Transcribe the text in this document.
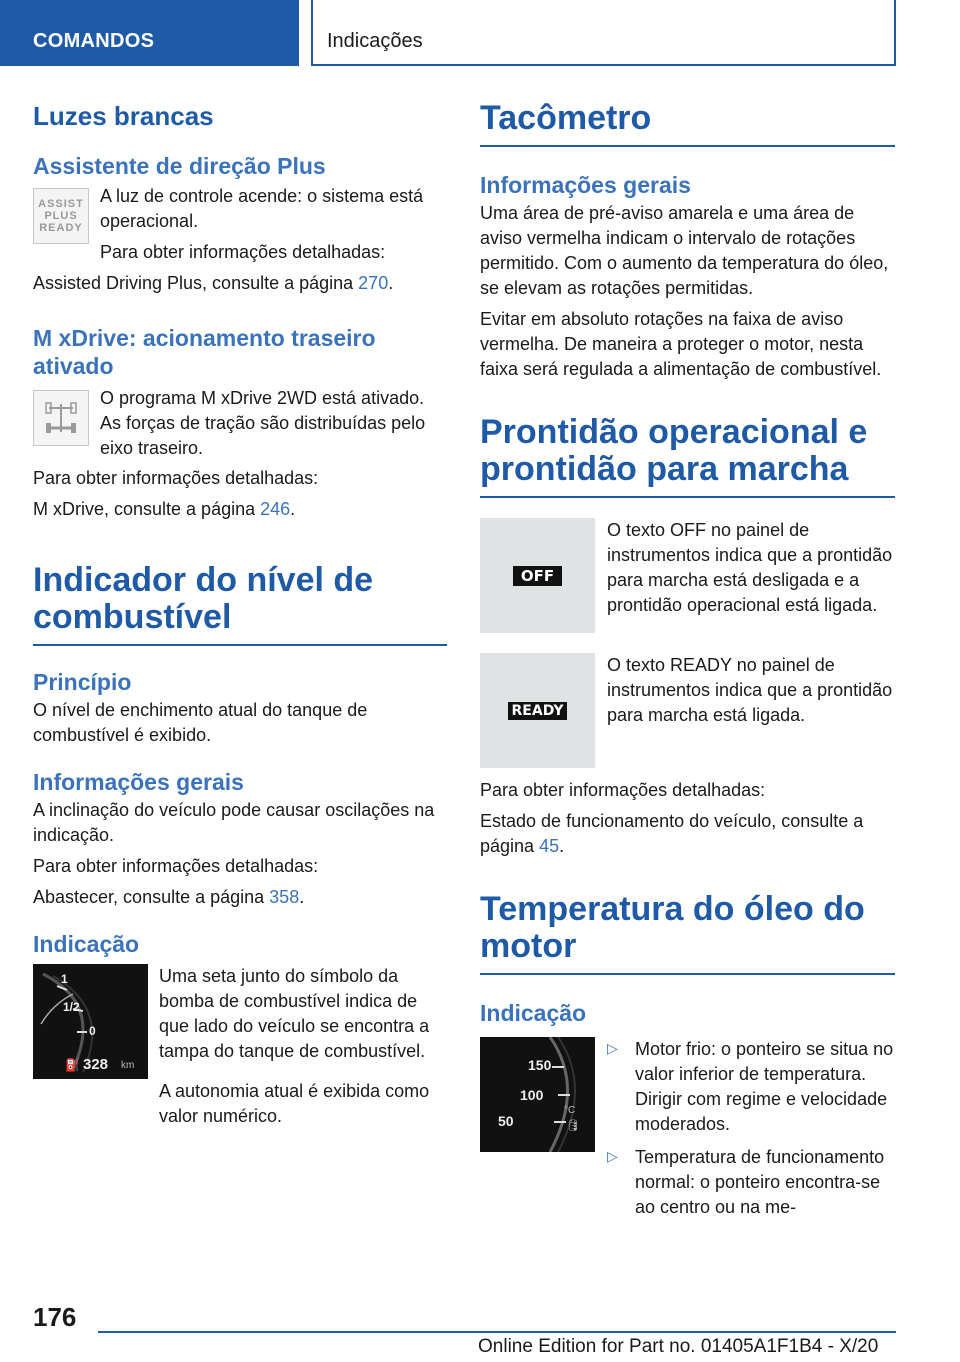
COMANDOS	Indicações
Luzes brancas
Assistente de direção Plus
ASSIST
PLUS
READY

A luz de controle acende: o sistema está operacional.

Para obter informações detalhadas:

Assisted Driving Plus, consulte a página 270.

M xDrive: acionamento traseiro ativado

O programa M xDrive 2WD está ativado. As forças de tração são distribuídas pelo eixo traseiro.

Para obter informações detalhadas:

M xDrive, consulte a página 246.

Indicador do nível de combustível
Princípio

O nível de enchimento atual do tanque de combustível é exibido.

Informações gerais

A inclinação do veículo pode causar oscilações na indicação.

Para obter informações detalhadas:

Abastecer, consulte a página 358.

Indicação
1
1/2
0
328 km
⛽

Uma seta junto do símbolo da bomba de combustível indica de que lado do veículo se encontra a tampa do tanque de combustível.

A autonomia atual é exibida como valor numérico.

Tacômetro
Informações gerais

Uma área de pré-aviso amarela e uma área de aviso vermelha indicam o intervalo de rotações permitido. Com o aumento da temperatura do óleo, se elevam as rotações permitidas.

Evitar em absoluto rotações na faixa de aviso vermelha. De maneira a proteger o motor, nesta faixa será regulada a alimentação de combustível.

Prontidão operacional e prontidão para marcha
OFF

O texto OFF no painel de instrumentos indica que a prontidão para marcha está desligada e a prontidão operacional está ligada.

READY

O texto READY no painel de instrumentos indica que a prontidão para marcha está ligada.

Para obter informações detalhadas:

Estado de funcionamento do veículo, consulte a página 45.

Temperatura do óleo do motor
Indicação
150
100
50
°C
🛢
▷ Motor frio: o ponteiro se situa no valor inferior de temperatura. Dirigir com regime e velocidade moderados.

▷ Temperatura de funcionamento normal: o ponteiro encontra-se ao centro ou na me-

176
Online Edition for Part no. 01405A1F1B4 - X/20
